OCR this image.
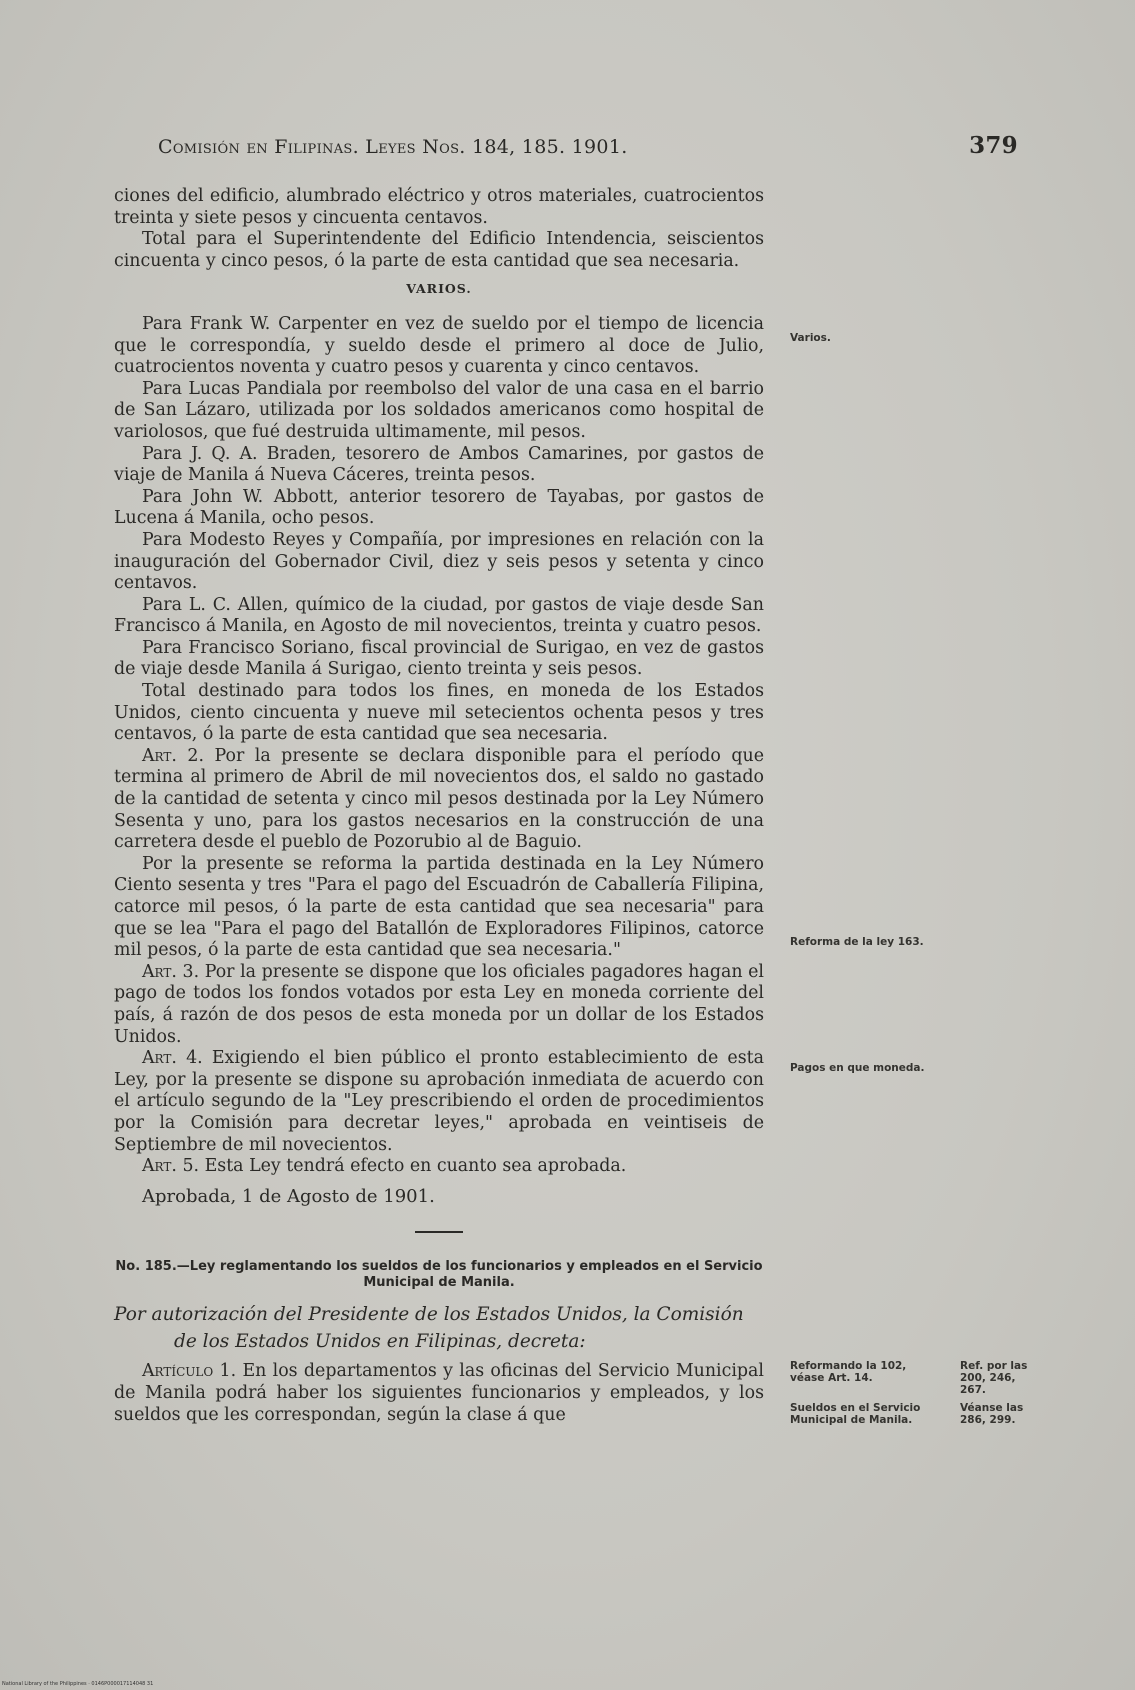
Comisión en Filipinas. Leyes Nos. 184, 185. 1901.	379

ciones del edificio, alumbrado eléctrico y otros materiales, cuatrocientos treinta y siete pesos y cincuenta centavos.

Total para el Superintendente del Edificio Intendencia, seiscientos cincuenta y cinco pesos, ó la parte de esta cantidad que sea necesaria.

VARIOS.

Para Frank W. Carpenter en vez de sueldo por el tiempo de licencia que le correspondía, y sueldo desde el primero al doce de Julio, cuatrocientos noventa y cuatro pesos y cuarenta y cinco centavos.

Para Lucas Pandiala por reembolso del valor de una casa en el barrio de San Lázaro, utilizada por los soldados americanos como hospital de variolosos, que fué destruida ultimamente, mil pesos.

Para J. Q. A. Braden, tesorero de Ambos Camarines, por gastos de viaje de Manila á Nueva Cáceres, treinta pesos.

Para John W. Abbott, anterior tesorero de Tayabas, por gastos de Lucena á Manila, ocho pesos.

Para Modesto Reyes y Compañía, por impresiones en relación con la inauguración del Gobernador Civil, diez y seis pesos y setenta y cinco centavos.

Para L. C. Allen, químico de la ciudad, por gastos de viaje desde San Francisco á Manila, en Agosto de mil novecientos, treinta y cuatro pesos.

Para Francisco Soriano, fiscal provincial de Surigao, en vez de gastos de viaje desde Manila á Surigao, ciento treinta y seis pesos.

Total destinado para todos los fines, en moneda de los Estados Unidos, ciento cincuenta y nueve mil setecientos ochenta pesos y tres centavos, ó la parte de esta cantidad que sea necesaria.

Art. 2. Por la presente se declara disponible para el período que termina al primero de Abril de mil novecientos dos, el saldo no gastado de la cantidad de setenta y cinco mil pesos destinada por la Ley Número Sesenta y uno, para los gastos necesarios en la construcción de una carretera desde el pueblo de Pozorubio al de Baguio.

Por la presente se reforma la partida destinada en la Ley Número Ciento sesenta y tres "Para el pago del Escuadrón de Caballería Filipina, catorce mil pesos, ó la parte de esta cantidad que sea necesaria" para que se lea "Para el pago del Batallón de Exploradores Filipinos, catorce mil pesos, ó la parte de esta cantidad que sea necesaria."

Art. 3. Por la presente se dispone que los oficiales pagadores hagan el pago de todos los fondos votados por esta Ley en moneda corriente del país, á razón de dos pesos de esta moneda por un dollar de los Estados Unidos.

Art. 4. Exigiendo el bien público el pronto establecimiento de esta Ley, por la presente se dispone su aprobación inmediata de acuerdo con el artículo segundo de la "Ley prescribiendo el orden de procedimientos por la Comisión para decretar leyes," aprobada en veintiseis de Septiembre de mil novecientos.

Art. 5. Esta Ley tendrá efecto en cuanto sea aprobada.

Aprobada, 1 de Agosto de 1901.

No. 185.—Ley reglamentando los sueldos de los funcionarios y empleados en el Servicio Municipal de Manila.

Por autorización del Presidente de los Estados Unidos, la Comisión
de los Estados Unidos en Filipinas, decreta:

Artículo 1. En los departamentos y las oficinas del Servicio Municipal de Manila podrá haber los siguientes funcionarios y empleados, y los sueldos que les correspondan, según la clase á que

Varios.
Reforma de la ley 163.
Pagos en que moneda.
Reformando la 102, véase Art. 14.
Ref. por las 200, 246, 267.
Sueldos en el Servicio Municipal de Manila.
Véanse las 286, 299.
National Library of the Philippines · 0146P000017114048 31
